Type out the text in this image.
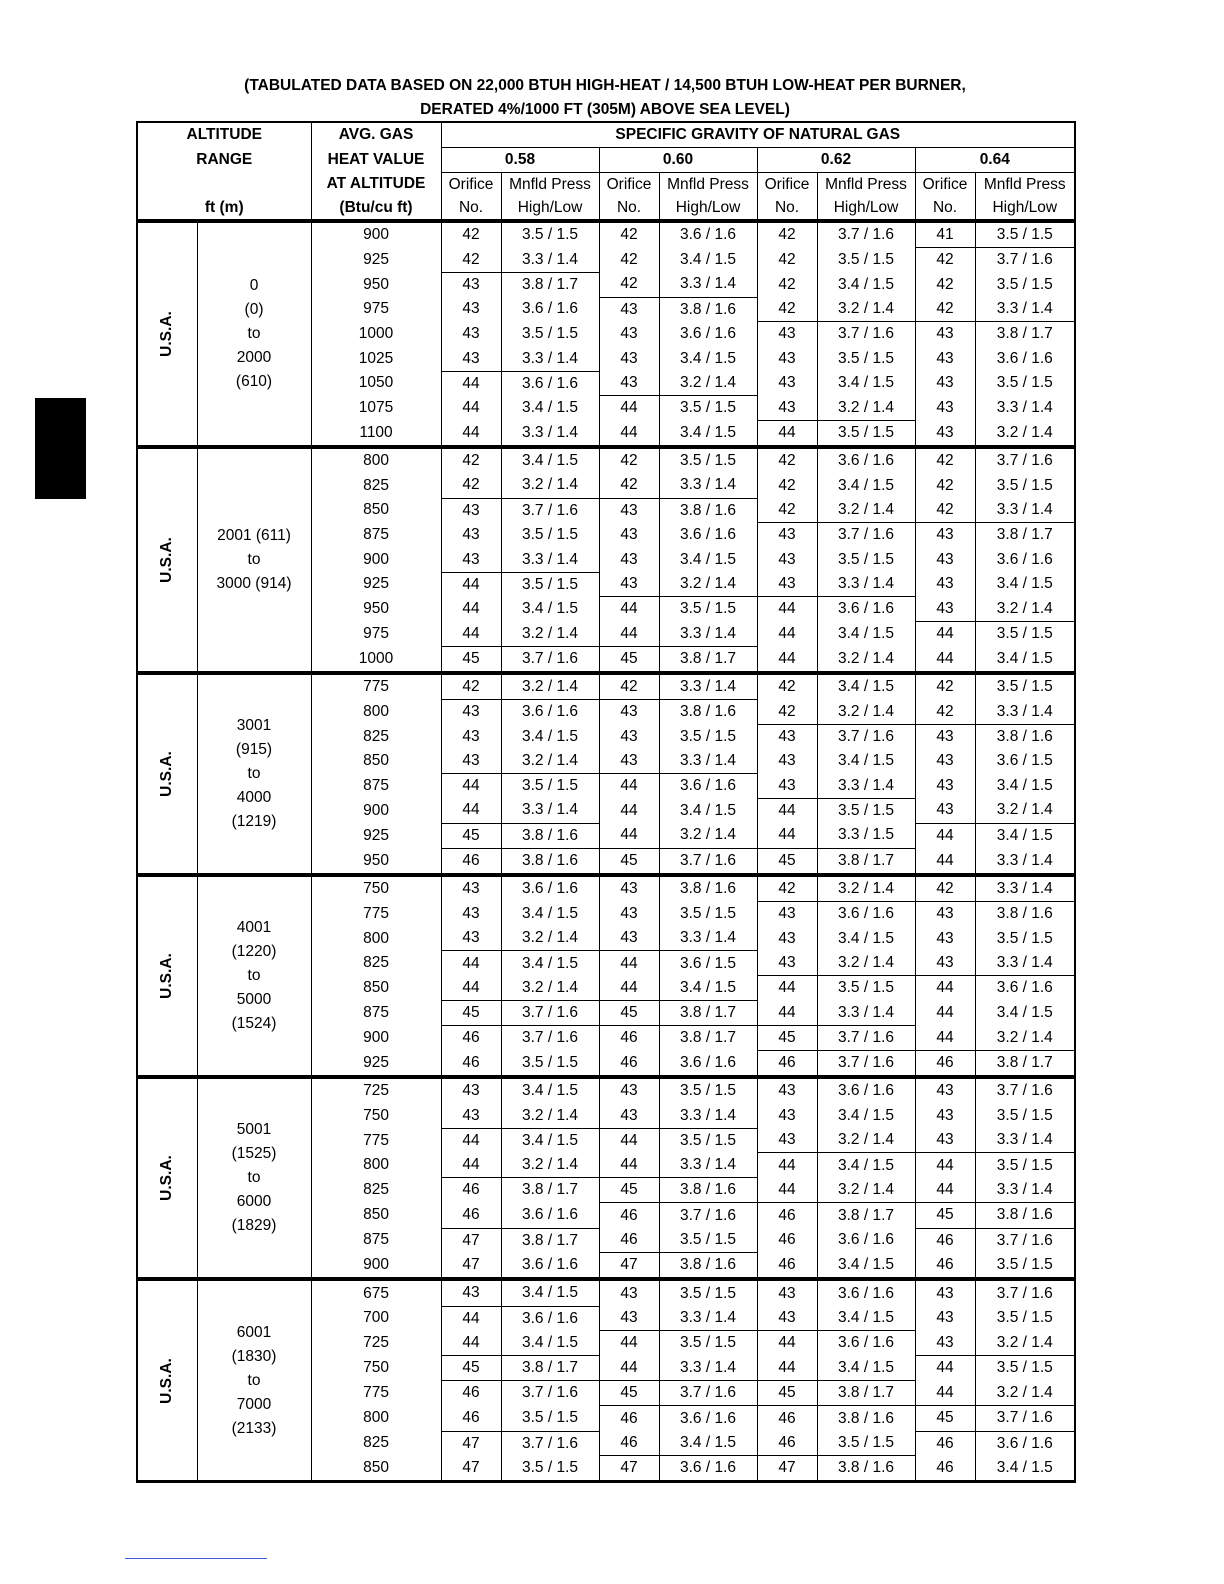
(TABULATED DATA BASED ON 22,000 BTUH HIGH-HEAT / 14,500 BTUH LOW-HEAT PER BURNER,
DERATED 4%/1000 FT (305M) ABOVE SEA LEVEL)
ALTITUDE		AVG. GAS	SPECIFIC GRAVITY OF NATURAL GAS							
RANGE		HEAT VALUE	0.58		0.60		0.62		0.64	
		AT ALTITUDE	Orifice	Mnfld Press	Orifice	Mnfld Press	Orifice	Mnfld Press	Orifice	Mnfld Press
ft (m)		(Btu/cu ft)	No.	High/Low	No.	High/Low	No.	High/Low	No.	High/Low
U.S.A.	0
(0)
to
2000
(610)	900	42	3.5 / 1.5	42	3.6 / 1.6	42	3.7 / 1.6	41	3.5 / 1.5
		925	42	3.3 / 1.4	42	3.4 / 1.5	42	3.5 / 1.5	42	3.7 / 1.6
		950	43	3.8 / 1.7	42	3.3 / 1.4	42	3.4 / 1.5	42	3.5 / 1.5
		975	43	3.6 / 1.6	43	3.8 / 1.6	42	3.2 / 1.4	42	3.3 / 1.4
		1000	43	3.5 / 1.5	43	3.6 / 1.6	43	3.7 / 1.6	43	3.8 / 1.7
		1025	43	3.3 / 1.4	43	3.4 / 1.5	43	3.5 / 1.5	43	3.6 / 1.6
		1050	44	3.6 / 1.6	43	3.2 / 1.4	43	3.4 / 1.5	43	3.5 / 1.5
		1075	44	3.4 / 1.5	44	3.5 / 1.5	43	3.2 / 1.4	43	3.3 / 1.4
		1100	44	3.3 / 1.4	44	3.4 / 1.5	44	3.5 / 1.5	43	3.2 / 1.4
U.S.A.	2001 (611)
to
3000 (914)	800	42	3.4 / 1.5	42	3.5 / 1.5	42	3.6 / 1.6	42	3.7 / 1.6
		825	42	3.2 / 1.4	42	3.3 / 1.4	42	3.4 / 1.5	42	3.5 / 1.5
		850	43	3.7 / 1.6	43	3.8 / 1.6	42	3.2 / 1.4	42	3.3 / 1.4
		875	43	3.5 / 1.5	43	3.6 / 1.6	43	3.7 / 1.6	43	3.8 / 1.7
		900	43	3.3 / 1.4	43	3.4 / 1.5	43	3.5 / 1.5	43	3.6 / 1.6
		925	44	3.5 / 1.5	43	3.2 / 1.4	43	3.3 / 1.4	43	3.4 / 1.5
		950	44	3.4 / 1.5	44	3.5 / 1.5	44	3.6 / 1.6	43	3.2 / 1.4
		975	44	3.2 / 1.4	44	3.3 / 1.4	44	3.4 / 1.5	44	3.5 / 1.5
		1000	45	3.7 / 1.6	45	3.8 / 1.7	44	3.2 / 1.4	44	3.4 / 1.5
U.S.A.	3001
(915)
to
4000
(1219)	775	42	3.2 / 1.4	42	3.3 / 1.4	42	3.4 / 1.5	42	3.5 / 1.5
		800	43	3.6 / 1.6	43	3.8 / 1.6	42	3.2 / 1.4	42	3.3 / 1.4
		825	43	3.4 / 1.5	43	3.5 / 1.5	43	3.7 / 1.6	43	3.8 / 1.6
		850	43	3.2 / 1.4	43	3.3 / 1.4	43	3.4 / 1.5	43	3.6 / 1.5
		875	44	3.5 / 1.5	44	3.6 / 1.6	43	3.3 / 1.4	43	3.4 / 1.5
		900	44	3.3 / 1.4	44	3.4 / 1.5	44	3.5 / 1.5	43	3.2 / 1.4
		925	45	3.8 / 1.6	44	3.2 / 1.4	44	3.3 / 1.5	44	3.4 / 1.5
		950	46	3.8 / 1.6	45	3.7 / 1.6	45	3.8 / 1.7	44	3.3 / 1.4
U.S.A.	4001
(1220)
to
5000
(1524)	750	43	3.6 / 1.6	43	3.8 / 1.6	42	3.2 / 1.4	42	3.3 / 1.4
		775	43	3.4 / 1.5	43	3.5 / 1.5	43	3.6 / 1.6	43	3.8 / 1.6
		800	43	3.2 / 1.4	43	3.3 / 1.4	43	3.4 / 1.5	43	3.5 / 1.5
		825	44	3.4 / 1.5	44	3.6 / 1.5	43	3.2 / 1.4	43	3.3 / 1.4
		850	44	3.2 / 1.4	44	3.4 / 1.5	44	3.5 / 1.5	44	3.6 / 1.6
		875	45	3.7 / 1.6	45	3.8 / 1.7	44	3.3 / 1.4	44	3.4 / 1.5
		900	46	3.7 / 1.6	46	3.8 / 1.7	45	3.7 / 1.6	44	3.2 / 1.4
		925	46	3.5 / 1.5	46	3.6 / 1.6	46	3.7 / 1.6	46	3.8 / 1.7
U.S.A.	5001
(1525)
to
6000
(1829)	725	43	3.4 / 1.5	43	3.5 / 1.5	43	3.6 / 1.6	43	3.7 / 1.6
		750	43	3.2 / 1.4	43	3.3 / 1.4	43	3.4 / 1.5	43	3.5 / 1.5
		775	44	3.4 / 1.5	44	3.5 / 1.5	43	3.2 / 1.4	43	3.3 / 1.4
		800	44	3.2 / 1.4	44	3.3 / 1.4	44	3.4 / 1.5	44	3.5 / 1.5
		825	46	3.8 / 1.7	45	3.8 / 1.6	44	3.2 / 1.4	44	3.3 / 1.4
		850	46	3.6 / 1.6	46	3.7 / 1.6	46	3.8 / 1.7	45	3.8 / 1.6
		875	47	3.8 / 1.7	46	3.5 / 1.5	46	3.6 / 1.6	46	3.7 / 1.6
		900	47	3.6 / 1.6	47	3.8 / 1.6	46	3.4 / 1.5	46	3.5 / 1.5
U.S.A.	6001
(1830)
to
7000
(2133)	675	43	3.4 / 1.5	43	3.5 / 1.5	43	3.6 / 1.6	43	3.7 / 1.6
		700	44	3.6 / 1.6	43	3.3 / 1.4	43	3.4 / 1.5	43	3.5 / 1.5
		725	44	3.4 / 1.5	44	3.5 / 1.5	44	3.6 / 1.6	43	3.2 / 1.4
		750	45	3.8 / 1.7	44	3.3 / 1.4	44	3.4 / 1.5	44	3.5 / 1.5
		775	46	3.7 / 1.6	45	3.7 / 1.6	45	3.8 / 1.7	44	3.2 / 1.4
		800	46	3.5 / 1.5	46	3.6 / 1.6	46	3.8 / 1.6	45	3.7 / 1.6
		825	47	3.7 / 1.6	46	3.4 / 1.5	46	3.5 / 1.5	46	3.6 / 1.6
		850	47	3.5 / 1.5	47	3.6 / 1.6	47	3.8 / 1.6	46	3.4 / 1.5
